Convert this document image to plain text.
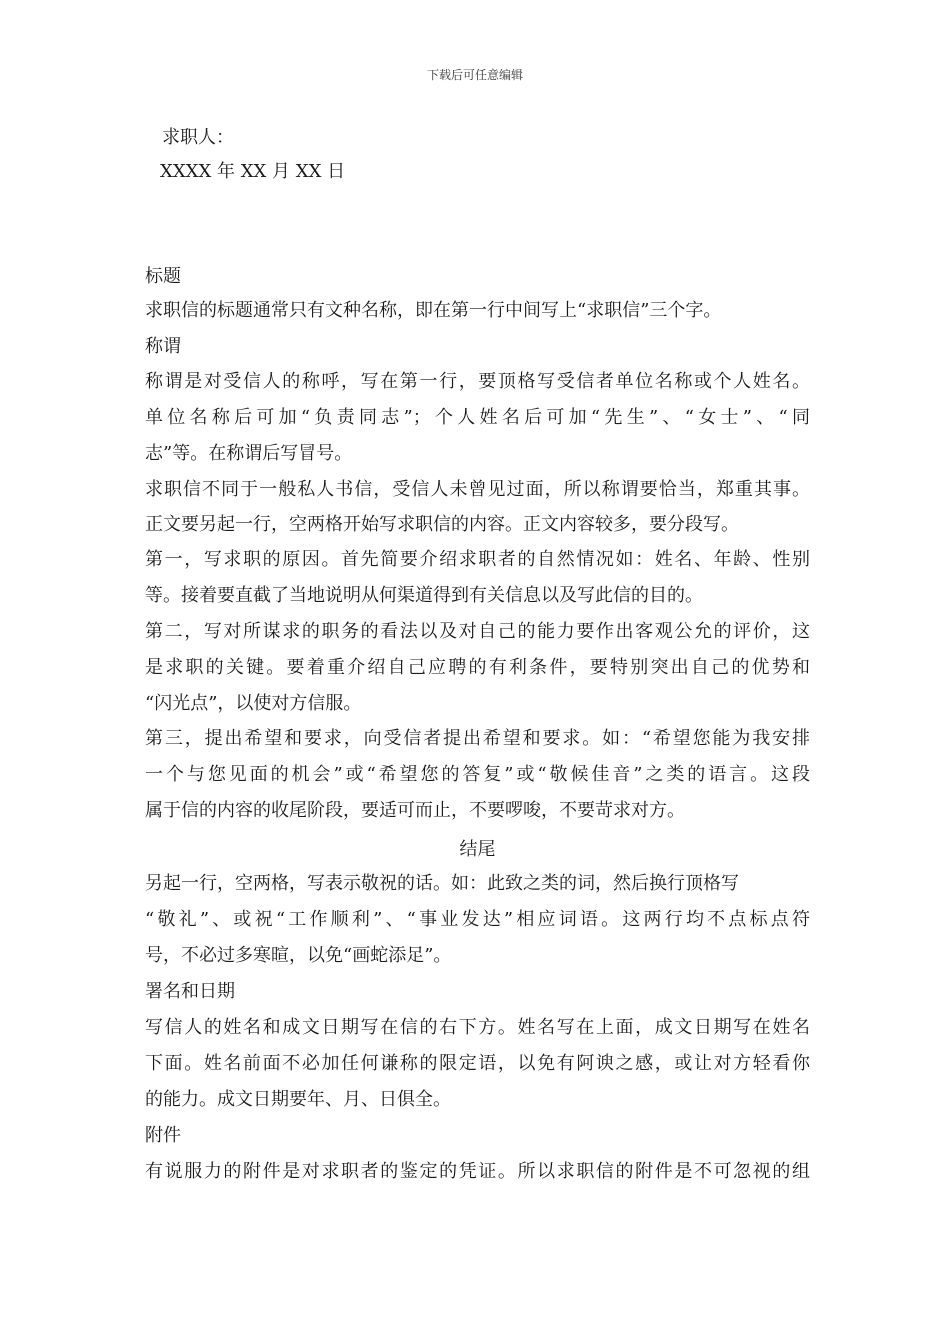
下载后可任意编辑
求职人：
XXXX 年 XX 月 XX 日
标题
求职信的标题通常只有文种名称，即在第一行中间写上“求职信”三个字。
称谓
称谓是对受信人的称呼，写在第一行，要顶格写受信者单位名称或个人姓名。
单位名称后可加“负责同志”；个人姓名后可加“先生”、“女士”、“同
志”等。在称谓后写冒号。
求职信不同于一般私人书信，受信人未曾见过面，所以称谓要恰当，郑重其事。
正文要另起一行，空两格开始写求职信的内容。正文内容较多，要分段写。
第一，写求职的原因。首先简要介绍求职者的自然情况如：姓名、年龄、性别
等。接着要直截了当地说明从何渠道得到有关信息以及写此信的目的。
第二，写对所谋求的职务的看法以及对自己的能力要作出客观公允的评价，这
是求职的关键。要着重介绍自己应聘的有利条件，要特别突出自己的优势和
“闪光点”，以使对方信服。
第三，提出希望和要求，向受信者提出希望和要求。如：“希望您能为我安排
一个与您见面的机会”或“希望您的答复”或“敬候佳音”之类的语言。这段
属于信的内容的收尾阶段，要适可而止，不要啰唆，不要苛求对方。
结尾
另起一行，空两格，写表示敬祝的话。如：此致之类的词，然后换行顶格写
“敬礼”、或祝“工作顺利”、“事业发达”相应词语。这两行均不点标点符
号，不必过多寒暄，以免“画蛇添足”。
署名和日期
写信人的姓名和成文日期写在信的右下方。姓名写在上面，成文日期写在姓名
下面。姓名前面不必加任何谦称的限定语，以免有阿谀之感，或让对方轻看你
的能力。成文日期要年、月、日俱全。
附件
有说服力的附件是对求职者的鉴定的凭证。所以求职信的附件是不可忽视的组
